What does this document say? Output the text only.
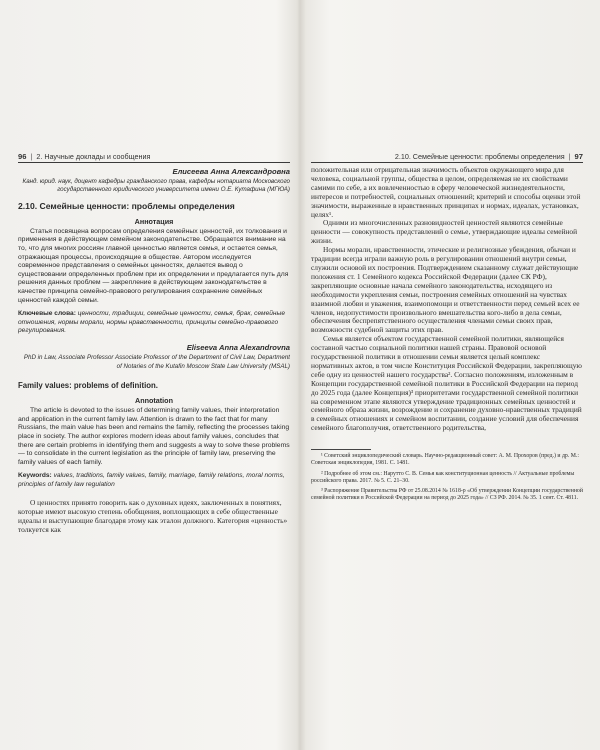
96 | 2. Научные доклады и сообщения
Елисеева Анна Александровна
Канд. юрид. наук, доцент кафедры гражданского права, кафедры нотариата Московского государственного юридического университета имени О.Е. Кутафина (МГЮА)
2.10. Семейные ценности: проблемы определения
Аннотация

Статья посвящена вопросам определения семейных ценностей, их толкования и применения в действующем семейном законодательстве. Обращается внимание на то, что для многих россиян главной ценностью является семья, и остается семья, отражающая процессы, происходящие в обществе. Автором исследуется современное представления о семейных ценностях, делается вывод о существовании определенных проблем при их определении и предлагается путь для решения данных проблем — закрепление в действующем законодательстве в качестве принципа семейно-правового регулирования сохранение семейных ценностей каждой семьи.

Ключевые слова: ценности, традиции, семейные ценности, семья, брак, семейные отношения, нормы морали, нормы нравственности, принципы семейно-правового регулирования.
Eliseeva Anna Alexandrovna
PhD in Law, Associate Professor Associate Professor of the Department of Civil Law, Department of Notaries of the Kutafin Moscow State Law University (MSAL)
Family values: problems of definition.
Annotation

The article is devoted to the issues of determining family values, their interpretation and application in the current family law. Attention is drawn to the fact that for many Russians, the main value has been and remains the family, reflecting the processes taking place in society. The author explores modern ideas about family values, concludes that there are certain problems in identifying them and suggests a way to solve these problems — to consolidate in the current legislation as the principle of family law, preserving the family values of each family.

Keywords: values, traditions, family values, family, marriage, family relations, moral norms, principles of family law regulation

О ценностях принято говорить как о духовных идеях, заключенных в понятиях, которые имеют высокую степень обобщения, воплощающих в себе общественные идеалы и выступающие благодаря этому как эталон должного. Категория «ценность» толкуется как

2.10. Семейные ценности: проблемы определения | 97

положительная или отрицательная значимость объектов окружающего мира для человека, социальной группы, общества в целом, определяемая не их свойствами самими по себе, а их вовлеченностью в сферу человеческой жизнедеятельности, интересов и потребностей, социальных отношений; критерий и способы оценки этой значимости, выраженные в нравственных принципах и нормах, идеалах, установках, целях¹.

Одними из многочисленных разновидностей ценностей являются семейные ценности — совокупность представлений о семье, утверждающие идеалы семейной жизни.

Нормы морали, нравственности, этические и религиозные убеждения, обычаи и традиции всегда играли важную роль в регулировании отношений внутри семьи, служили основой их построения. Подтверждением сказанному служат действующие положения ст. 1 Семейного кодекса Российской Федерации (далее СК РФ), закрепляющие основные начала семейного законодательства, исходящего из необходимости укрепления семьи, построения семейных отношений на чувствах взаимной любви и уважения, взаимопомощи и ответственности перед семьей всех ее членов, недопустимости произвольного вмешательства кого-либо в дела семьи, обеспечения беспрепятственного осуществления членами семьи своих прав, возможности судебной защиты этих прав.

Семья является объектом государственной семейной политики, являющейся составной частью социальной политики нашей страны. Правовой основой государственной политики в отношении семьи является целый комплекс нормативных актов, в том числе Конституция Российской Федерации, закрепляющую себе одну из ценностей нашего государства². Согласно положениям, изложенным в Концепции государственной семейной политики в Российской Федерации на период до 2025 года (далее Концепция)³ приоритетами государственной семейной политики на современном этапе являются утверждение традиционных семейных ценностей и семейного образа жизни, возрождение и сохранение духовно-нравственных традиций в семейных отношениях и семейном воспитании, создание условий для обеспечения семейного благополучия, ответственного родительства,

¹ Советский энциклопедический словарь. Научно-редакционный совет: А. М. Прохоров (пред.) и др. М.: Советская энциклопедия, 1981. С. 1481.

² Подробнее об этом см.: Нарутто С. В. Семья как конституционная ценность // Актуальные проблемы российского права. 2017. № 5. С. 21–30.

³ Распоряжение Правительства РФ от 25.08.2014 № 1618-р «Об утверждении Концепции государственной семейной политики в Российской Федерации на период до 2025 года» // СЗ РФ. 2014. № 35. 1 сент. Ст. 4811.
